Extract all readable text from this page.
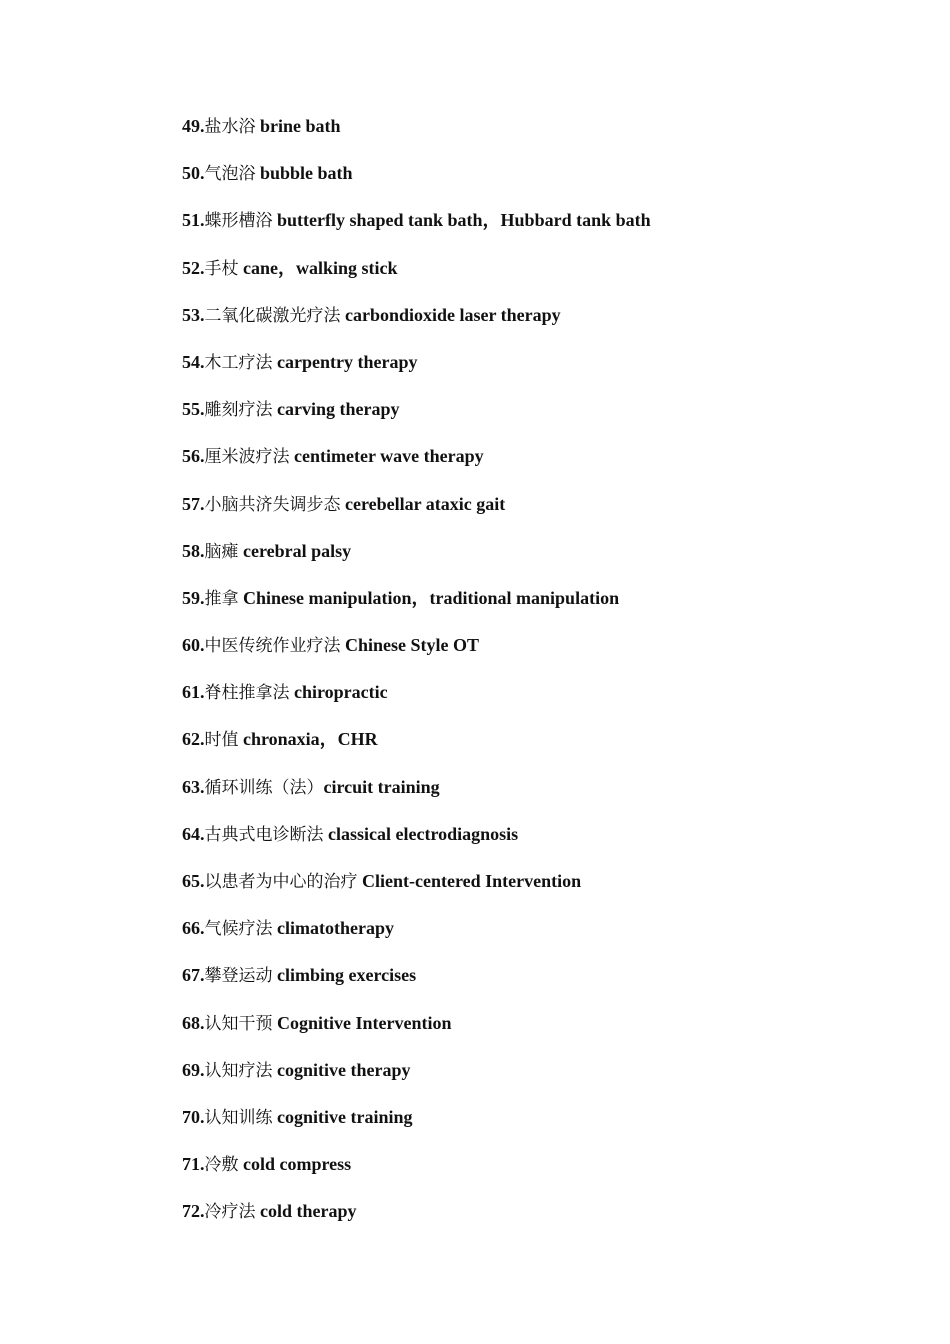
49.盐水浴 brine bath
50.气泡浴 bubble bath
51.蝶形槽浴 butterfly shaped tank bath，Hubbard tank bath
52.手杖 cane，walking stick
53.二氧化碳激光疗法 carbondioxide laser therapy
54.木工疗法 carpentry therapy
55.雕刻疗法 carving therapy
56.厘米波疗法 centimeter wave therapy
57.小脑共济失调步态 cerebellar ataxic gait
58.脑瘫 cerebral palsy
59.推拿 Chinese manipulation，traditional manipulation
60.中医传统作业疗法 Chinese Style OT
61.脊柱推拿法 chiropractic
62.时值 chronaxia，CHR
63.循环训练（法）circuit training
64.古典式电诊断法 classical electrodiagnosis
65.以患者为中心的治疗 Client-centered Intervention
66.气候疗法 climatotherapy
67.攀登运动 climbing exercises
68.认知干预 Cognitive Intervention
69.认知疗法 cognitive therapy
70.认知训练 cognitive training
71.冷敷 cold compress
72.冷疗法 cold therapy
